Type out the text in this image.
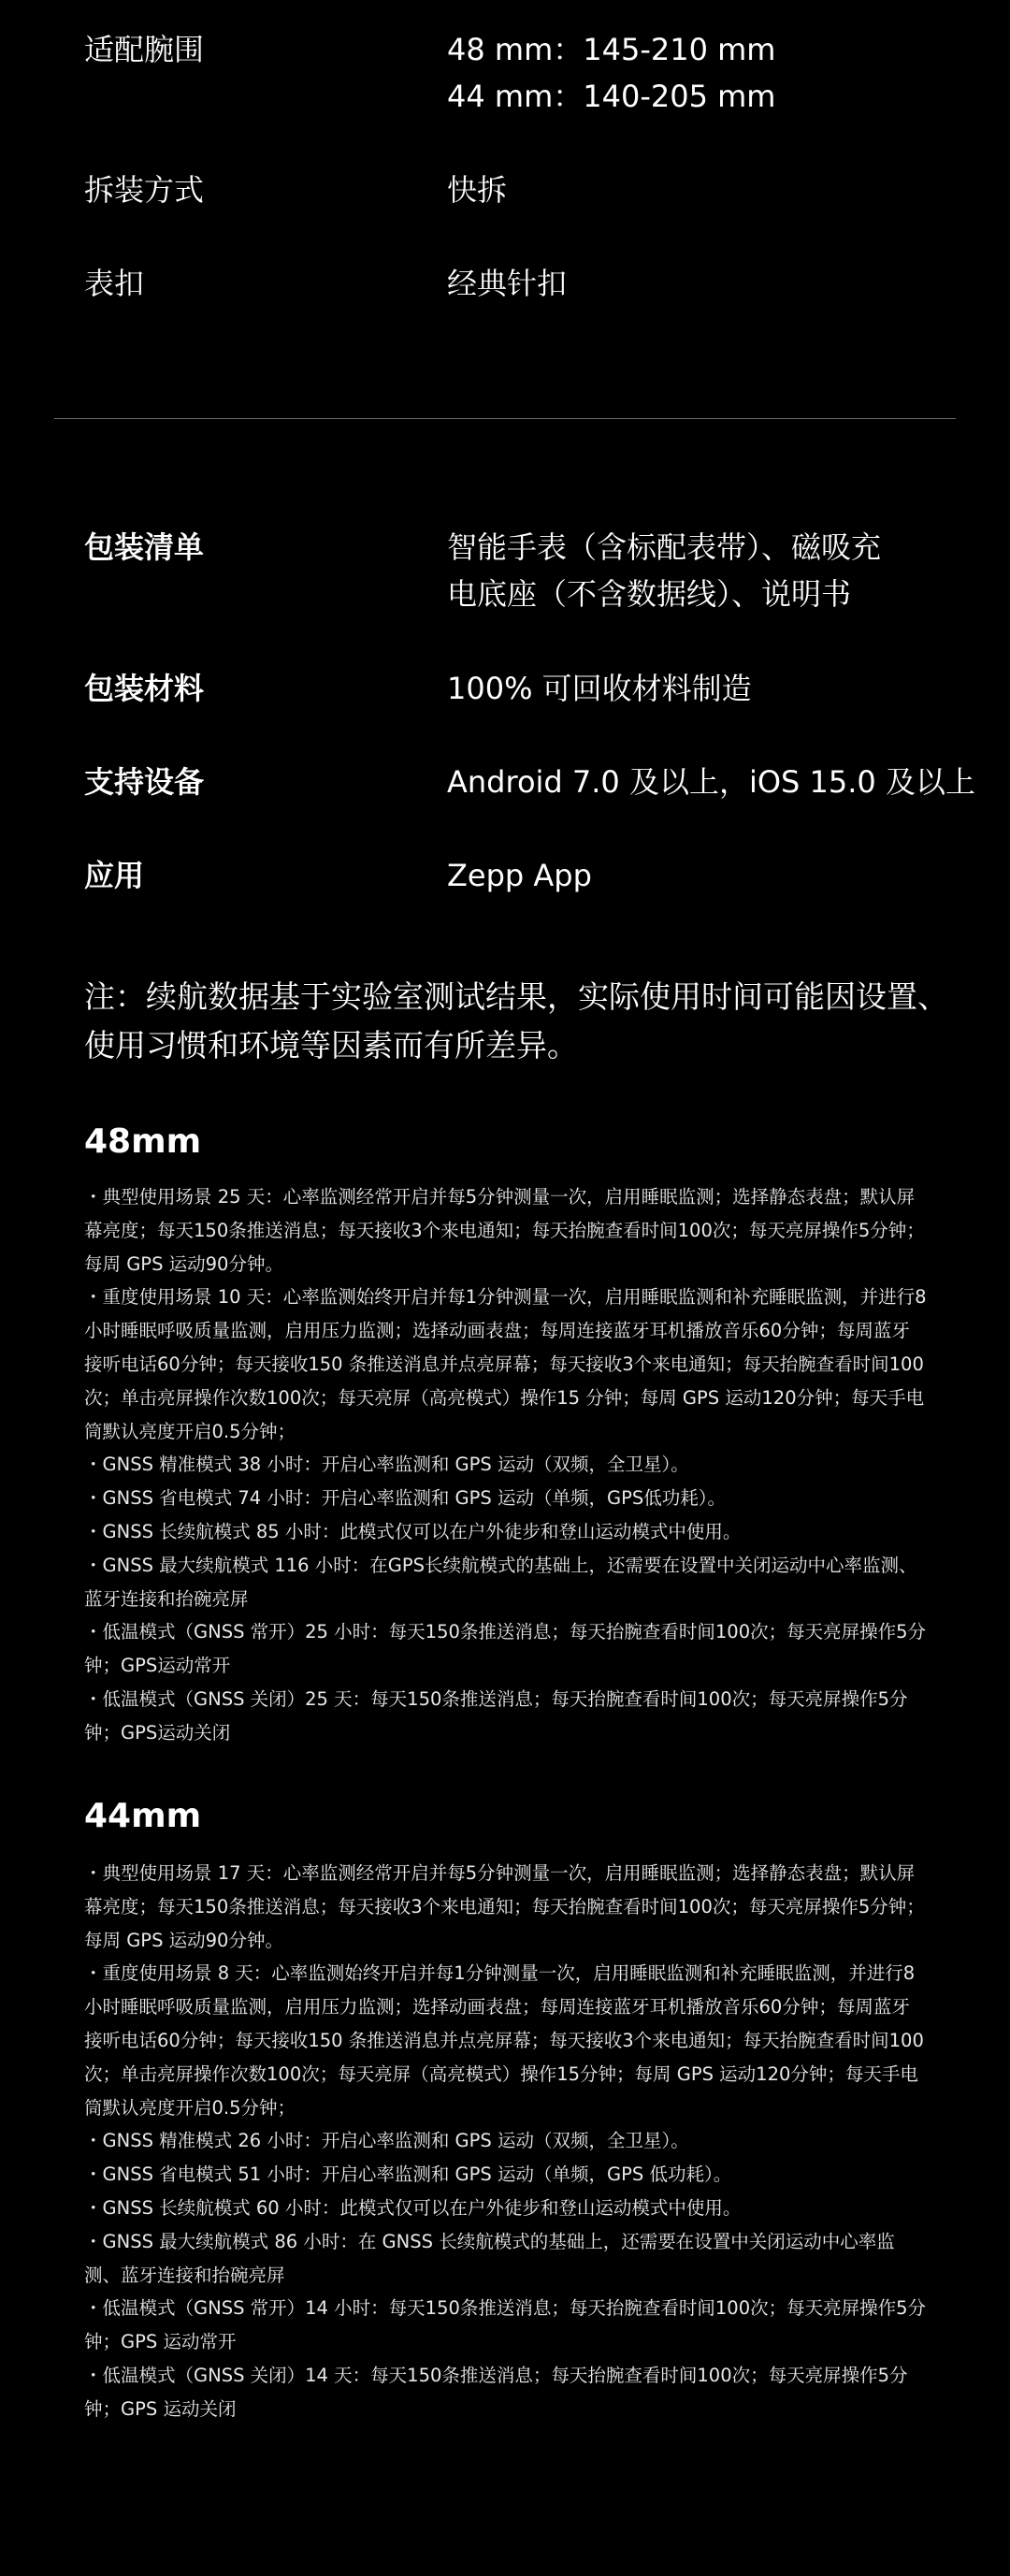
适配腕围	48 mm：145-210 mm
44 mm：140-205 mm
拆装方式	快拆
表扣	经典针扣
包装清单	智能手表（含标配表带）、磁吸充
电底座（不含数据线）、说明书
包装材料	100% 可回收材料制造
支持设备	Android 7.0 及以上，iOS 15.0 及以上
应用	Zepp App
注：续航数据基于实验室测试结果，实际使用时间可能因设置、
使用习惯和环境等因素而有所差异。
48mm
・典型使用场景 25 天：心率监测经常开启并每5分钟测量一次，启用睡眠监测；选择静态表盘；默认屏
幕亮度；每天150条推送消息；每天接收3个来电通知；每天抬腕查看时间100次；每天亮屏操作5分钟；
每周 GPS 运动90分钟。
・重度使用场景 10 天：心率监测始终开启并每1分钟测量一次，启用睡眠监测和补充睡眠监测，并进行8
小时睡眠呼吸质量监测，启用压力监测；选择动画表盘；每周连接蓝牙耳机播放音乐60分钟；每周蓝牙
接听电话60分钟；每天接收150 条推送消息并点亮屏幕；每天接收3个来电通知；每天抬腕查看时间100
次；单击亮屏操作次数100次；每天亮屏（高亮模式）操作15 分钟；每周 GPS 运动120分钟；每天手电
筒默认亮度开启0.5分钟；
・GNSS 精准模式 38 小时：开启心率监测和 GPS 运动（双频，全卫星）。
・GNSS 省电模式 74 小时：开启心率监测和 GPS 运动（单频，GPS低功耗）。
・GNSS 长续航模式 85 小时：此模式仅可以在户外徒步和登山运动模式中使用。
・GNSS 最大续航模式 116 小时：在GPS长续航模式的基础上，还需要在设置中关闭运动中心率监测、
蓝牙连接和抬碗亮屏
・低温模式（GNSS 常开）25 小时：每天150条推送消息；每天抬腕查看时间100次；每天亮屏操作5分
钟；GPS运动常开
・低温模式（GNSS 关闭）25 天：每天150条推送消息；每天抬腕查看时间100次；每天亮屏操作5分
钟；GPS运动关闭
44mm
・典型使用场景 17 天：心率监测经常开启并每5分钟测量一次，启用睡眠监测；选择静态表盘；默认屏
幕亮度；每天150条推送消息；每天接收3个来电通知；每天抬腕查看时间100次；每天亮屏操作5分钟；
每周 GPS 运动90分钟。
・重度使用场景 8 天：心率监测始终开启并每1分钟测量一次，启用睡眠监测和补充睡眠监测，并进行8
小时睡眠呼吸质量监测，启用压力监测；选择动画表盘；每周连接蓝牙耳机播放音乐60分钟；每周蓝牙
接听电话60分钟；每天接收150 条推送消息并点亮屏幕；每天接收3个来电通知；每天抬腕查看时间100
次；单击亮屏操作次数100次；每天亮屏（高亮模式）操作15分钟；每周 GPS 运动120分钟；每天手电
筒默认亮度开启0.5分钟；
・GNSS 精准模式 26 小时：开启心率监测和 GPS 运动（双频，全卫星）。
・GNSS 省电模式 51 小时：开启心率监测和 GPS 运动（单频，GPS 低功耗）。
・GNSS 长续航模式 60 小时：此模式仅可以在户外徒步和登山运动模式中使用。
・GNSS 最大续航模式 86 小时：在 GNSS 长续航模式的基础上，还需要在设置中关闭运动中心率监
测、蓝牙连接和抬碗亮屏
・低温模式（GNSS 常开）14 小时：每天150条推送消息；每天抬腕查看时间100次；每天亮屏操作5分
钟；GPS 运动常开
・低温模式（GNSS 关闭）14 天：每天150条推送消息；每天抬腕查看时间100次；每天亮屏操作5分
钟；GPS 运动关闭
